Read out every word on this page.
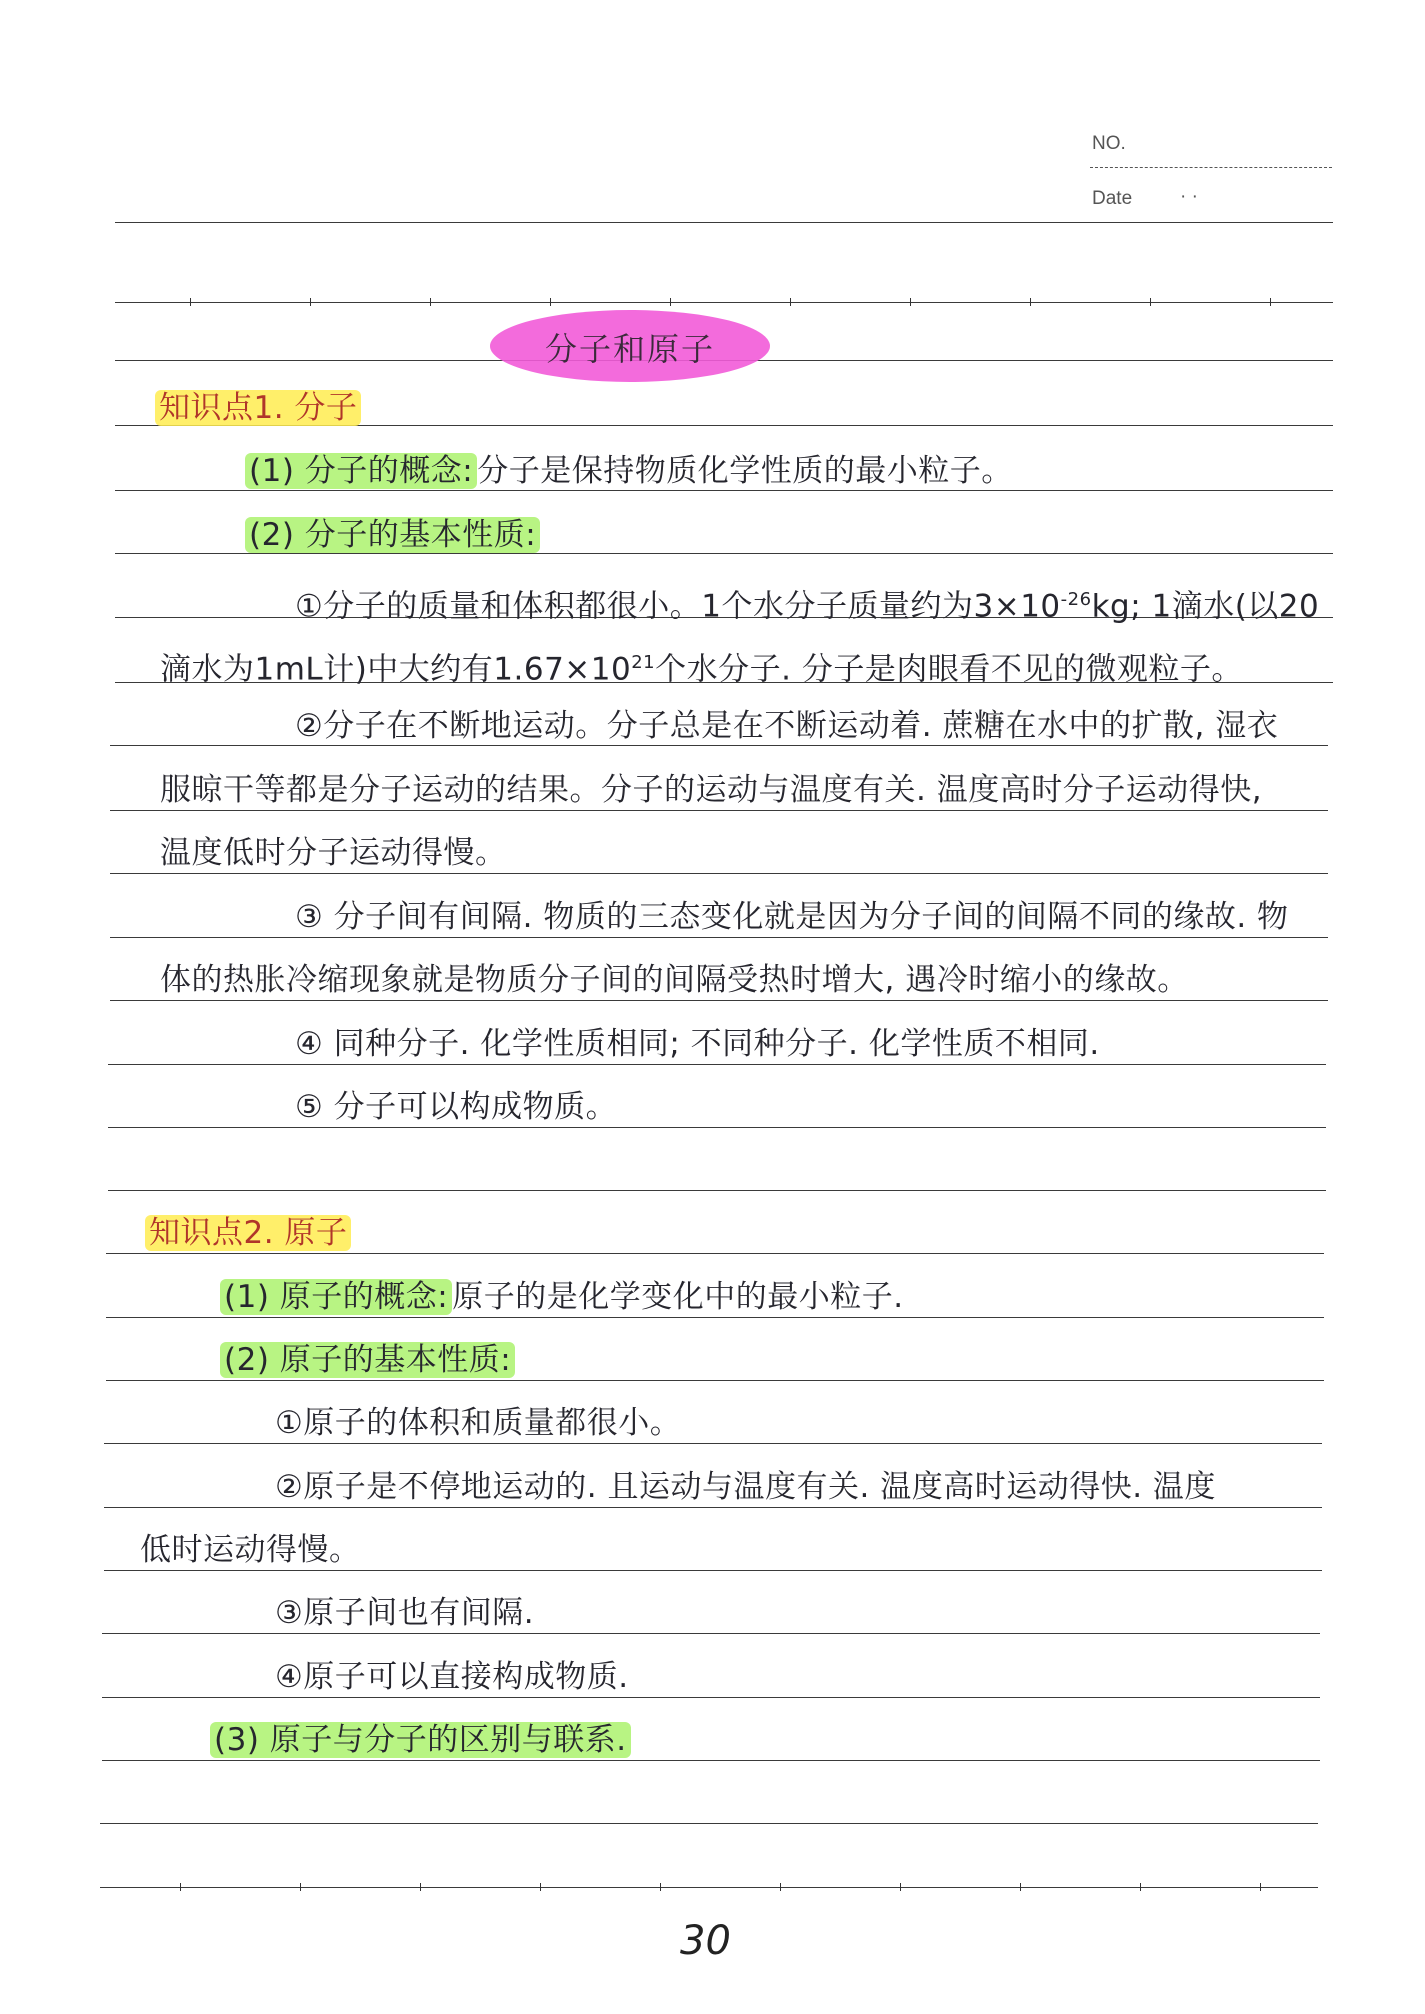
NO.
Date	· ·
分子和原子
知识点1. 分子
(1) 分子的概念: 分子是保持物质化学性质的最小粒子。
(2) 分子的基本性质:
①分子的质量和体积都很小。1个水分子质量约为$3\times 10^{-26}kg$; 1滴水(以20
滴水为1mL计)中大约有$1.67\times 10^{21}$个水分子. 分子是肉眼看不见的微观粒子。
②分子在不断地运动。分子总是在不断运动着. 蔗糖在水中的扩散, 湿衣
服晾干等都是分子运动的结果。分子的运动与温度有关. 温度高时分子运动得快,
温度低时分子运动得慢。
③ 分子间有间隔. 物质的三态变化就是因为分子间的间隔不同的缘故. 物
体的热胀冷缩现象就是物质分子间的间隔受热时增大, 遇冷时缩小的缘故。
④ 同种分子. 化学性质相同; 不同种分子. 化学性质不相同.
⑤ 分子可以构成物质。
知识点2. 原子
(1) 原子的概念: 原子的是化学变化中的最小粒子.
(2) 原子的基本性质:
①原子的体积和质量都很小。
②原子是不停地运动的. 且运动与温度有关. 温度高时运动得快. 温度
低时运动得慢。
③原子间也有间隔.
④原子可以直接构成物质.
(3) 原子与分子的区别与联系.
30
